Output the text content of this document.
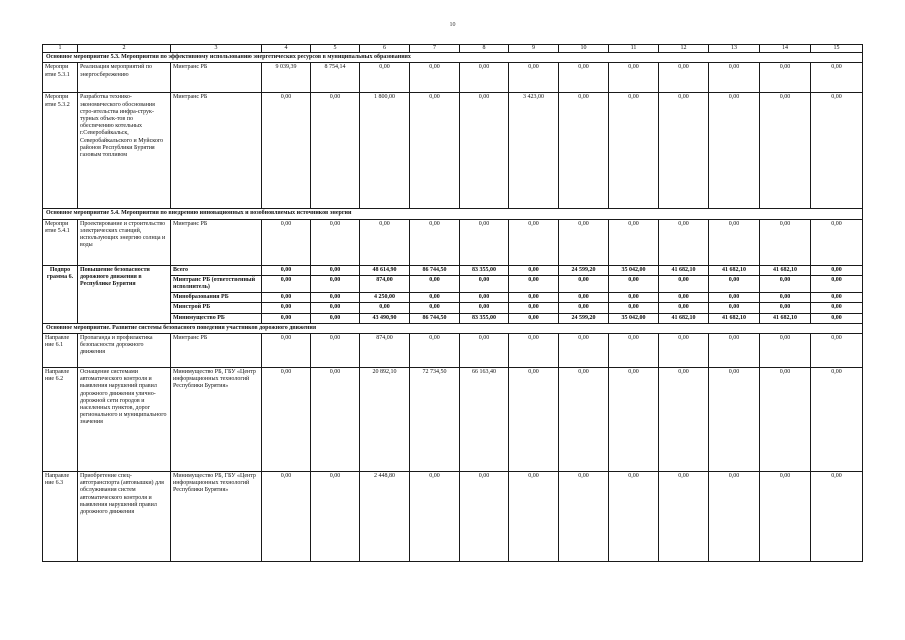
10
1	2	3	4	5	6	7	8	9	10	11	12	13	14	15
Основное мероприятие 5.3. Мероприятия по эффективному использованию энергетических ресурсов в муниципальных образованиях														
Меропри ятие 5.3.1	Реализация мероприятий по энергосбережению	Минтранс РБ	9 039,39	8 754,14	0,00	0,00	0,00	0,00	0,00	0,00	0,00	0,00	0,00	0,00
Меропри ятие 5.3.2	Разработка технико-экономического обоснования стро-ительства инфра-струк-турных объек-тов по обеспечению котельных г.Северобайкальск, Северобайкальского и Муйского районов Республики Бурятия газовым топливом	Минтранс РБ	0,00	0,00	1 800,00	0,00	0,00	3 423,00	0,00	0,00	0,00	0,00	0,00	0,00
Основное мероприятие 5.4. Мероприятия по внедрению инновационных и возобновляемых источников энергии														
Меропри ятие 5.4.1	Проектирование и строительство электрических станций, использующих энергию солнца и воды	Минтранс РБ	0,00	0,00	0,00	0,00	0,00	0,00	0,00	0,00	0,00	0,00	0,00	0,00
Подпро грамма 6.	Повышение безопасности дорожного движения в Республике Бурятия	Всего	0,00	0,00	48 614,90	86 744,50	83 355,00	0,00	24 599,20	35 042,00	41 682,10	41 682,10	41 682,10	0,00
		Минтранс РБ (ответственный исполнитель)	0,00	0,00	874,00	0,00	0,00	0,00	0,00	0,00	0,00	0,00	0,00	0,00
		Минобразования РБ	0,00	0,00	4 250,00	0,00	0,00	0,00	0,00	0,00	0,00	0,00	0,00	0,00
		Минстрой РБ	0,00	0,00	0,00	0,00	0,00	0,00	0,00	0,00	0,00	0,00	0,00	0,00
		Минимущество РБ	0,00	0,00	43 490,90	86 744,50	83 355,00	0,00	24 599,20	35 042,00	41 682,10	41 682,10	41 682,10	0,00
Основное мероприятие. Развитие системы безопасного поведения участников дорожного движения														
Направле ние 6.1	Пропаганда и профилактика безопасности дорожного движения	Минтранс РБ	0,00	0,00	874,00	0,00	0,00	0,00	0,00	0,00	0,00	0,00	0,00	0,00
Направле ние 6.2	Оснащение системами автоматического контроля и выявления нарушений правил дорожного движения улично-дорожной сети городов и населенных пунктов, дорог регионального и муниципального значения	Минимущество РБ, ГБУ «Центр информационных технологий Республики Бурятия»	0,00	0,00	20 892,10	72 734,50	66 163,40	0,00	0,00	0,00	0,00	0,00	0,00	0,00
Направле ние 6.3	Приобретение спец-автотранспорта (автовышки) для обслуживания систем автоматического контроля и выявления нарушений правил дорожного движения	Минимущество РБ, ГБУ «Центр информационных технологий Республики Бурятия»	0,00	0,00	2 448,80	0,00	0,00	0,00	0,00	0,00	0,00	0,00	0,00	0,00
